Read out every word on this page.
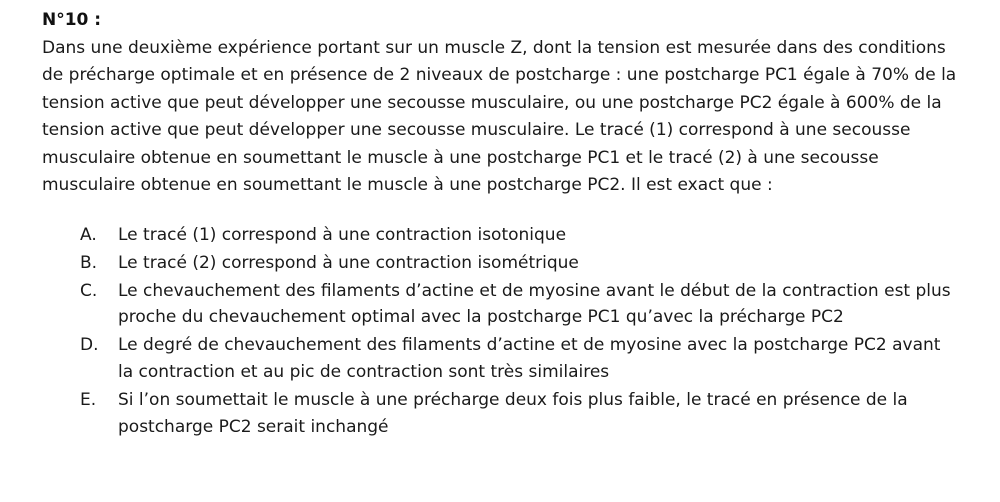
N°10 :

Dans une deuxième expérience portant sur un muscle Z, dont la tension est mesurée dans des conditions de précharge optimale et en présence de 2 niveaux de postcharge : une postcharge PC1 égale à 70% de la tension active que peut développer une secousse musculaire, ou une postcharge PC2 égale à 600% de la tension active que peut développer une secousse musculaire. Le tracé (1) correspond à une secousse musculaire obtenue en soumettant le muscle à une postcharge PC1 et le tracé (2) à une secousse musculaire obtenue en soumettant le muscle à une postcharge PC2. Il est exact que :

A.	Le tracé (1) correspond à une contraction isotonique
B.	Le tracé (2) correspond à une contraction isométrique
C.	Le chevauchement des filaments d’actine et de myosine avant le début de la contraction est plus proche du chevauchement optimal avec la postcharge PC1 qu’avec la précharge PC2
D.	Le degré de chevauchement des filaments d’actine et de myosine avec la postcharge PC2 avant la contraction et au pic de contraction sont très similaires
E.	Si l’on soumettait le muscle à une précharge deux fois plus faible, le tracé en présence de la postcharge PC2 serait inchangé
